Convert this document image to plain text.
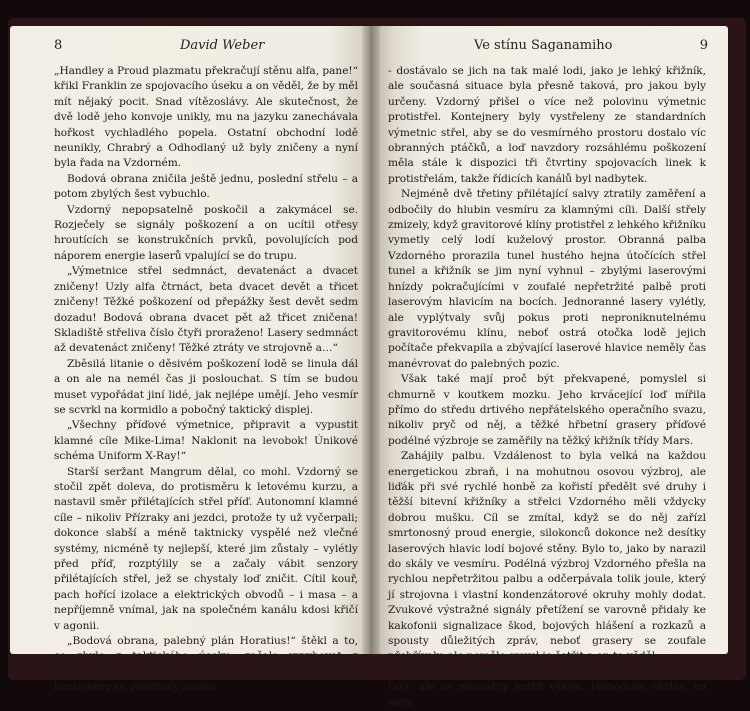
8	David Weber

„Handley a Proud plazmatu překračují stěnu alfa, pane!“ křikl Franklin ze spojovacího úseku a on věděl, že by měl mít nějaký pocit. Snad vítězoslávy. Ale skutečnost, že dvě lodě jeho konvoje unikly, mu na jazyku zanechávala hořkost vychladlého popela. Ostatní obchodní lodě neunikly, Chrabrý a Odhodlaný už byly zničeny a nyní byla řada na Vzdorném.

Bodová obrana zničila ještě jednu, poslední střelu – a potom zbylých šest vybuchlo.

Vzdorný nepopsatelně poskočil a zakymácel se. Rozječely se signály poškození a on ucítil otřesy hroutících se konstrukčních prvků, povolujících pod náporem energie laserů vpalující se do trupu.

„Výmetnice střel sedmnáct, devatenáct a dvacet zničeny! Uzly alfa čtrnáct, beta dvacet devět a třicet zničeny! Těžké poškození od přepážky šest devět sedm dozadu! Bodová obrana dvacet pět až třicet zničena! Skladiště střeliva číslo čtyři proraženo! Lasery sedmnáct až devatenáct zničeny! Těžké ztráty ve strojovně a…“

Zběsilá litanie o děsivém poškození lodě se linula dál a on ale na nemél čas ji poslouchat. S tím se budou muset vypořádat jiní lidé, jak nejlépe umějí. Jeho vesmír se scvrkl na kormidlo a pobočný taktický displej.

„Všechny příďové výmetnice, připravit a vypustit klamné cíle Mike-Lima! Naklonit na levobok! Únikové schéma Uniform X-Ray!“

Starší seržant Mangrum dělal, co mohl. Vzdorný se stočil zpět doleva, do protisměru k letovému kurzu, a nastavil směr přilétajících střel příď. Autonomní klamné cíle – nikoliv Přízraky ani jezdci, protože ty už vyčerpali; dokonce slabší a méně taktnicky vyspělé než vlečné systémy, nicméně ty nejlepší, které jim zůstaly – vylétly před příď, rozptýlily se a začaly vábit senzory přilétajících střel, jež se chystaly loď zničit. Cítil kouř, pach hořící izolace a elektrických obvodů – i masa – a nepříjemně vnímal, jak na společném kanálu kdosi křičí v agonii.

„Bodová obrana, palebný plán Horatius!“ štěkl a to, co zbylo z taktického úseku, začalo vyvrhovat z příďových výmetnic kontejnery s protistřelami. Tyto kontejnery se používaly zřídka

Ve stínu Saganamiho	9

- dostávalo se jich na tak malé lodi, jako je lehký křižník, ale současná situace byla přesně taková, pro jakou byly určeny. Vzdorný přišel o více než polovinu výmetnic protistřel. Kontejnery byly vystřeleny ze standardních výmetnic střel, aby se do vesmírného prostoru dostalo víc obranných ptáčků, a loď navzdory rozsáhlému poškození měla stále k dispozici tři čtvrtiny spojovacích linek k protistřelám, takže řídicích kanálů byl nadbytek.

Nejméně dvě třetiny přilétající salvy ztratily zaměření a odbočily do hlubin vesmíru za klamnými cíli. Další střely zmizely, když gravitorové klíny protistřel z lehkého křižníku vymetly celý lodí kuželový prostor. Obranná palba Vzdorného prorazila tunel hustého hejna útočících střel tunel a křižník se jim nyní vyhnul – zbylými laserovými hnízdy pokračujícími v zoufalé nepřetržité palbě proti laserovým hlavicím na bocích. Jednoranné lasery vylétly, ale vyplýtvaly svůj pokus proti neproniknutelnému gravitorovému klínu, neboť ostrá otočka lodě jejich počítače překvapila a zbývající laserové hlavice neměly čas manévrovat do palebných pozic.

Však také mají proč být překvapené, pomyslel si chmurně v koutkem mozku. Jeho krvácející loď mířila přímo do středu drtivého nepřátelského operačního svazu, nikoliv pryč od něj, a těžké hřbetní grasery příďové podélné výzbroje se zaměřily na těžký křižník třídy Mars.

Zahájily palbu. Vzdálenost to byla velká na každou energetickou zbraň, i na mohutnou osovou výzbroj, ale liďák při své rychlé honbě za kořistí předělt své druhy i těžší bitevní křižníky a střelci Vzdorného měli vždycky dobrou mušku. Cíl se zmítal, když se do něj zařízl smrtonosný proud energie, silokonců dokonce než desítky laserových hlavic lodí bojové stěny. Bylo to, jako by narazil do skály ve vesmíru. Podélná výzbroj Vzdorného přešla na rychlou nepřetržitou palbu a odčerpávala tolik joule, který jí strojovna i vlastní kondenzátorové okruhy mohly dodat. Zvukové výstražné signály přetížení se varovně přidaly ke kakofonii signalizace škod, bojových hlášení a rozkazů a spousty důležitých zpráv, neboť grasery se zoufale přehřívaly, ale nemělo smysl je šetřit a on to věděl.

A ohlušné osádky na stanovištích u graserů to věděly taky, ale se nesnažily snížit výkon. Jednoduše chrlily, co měly,
